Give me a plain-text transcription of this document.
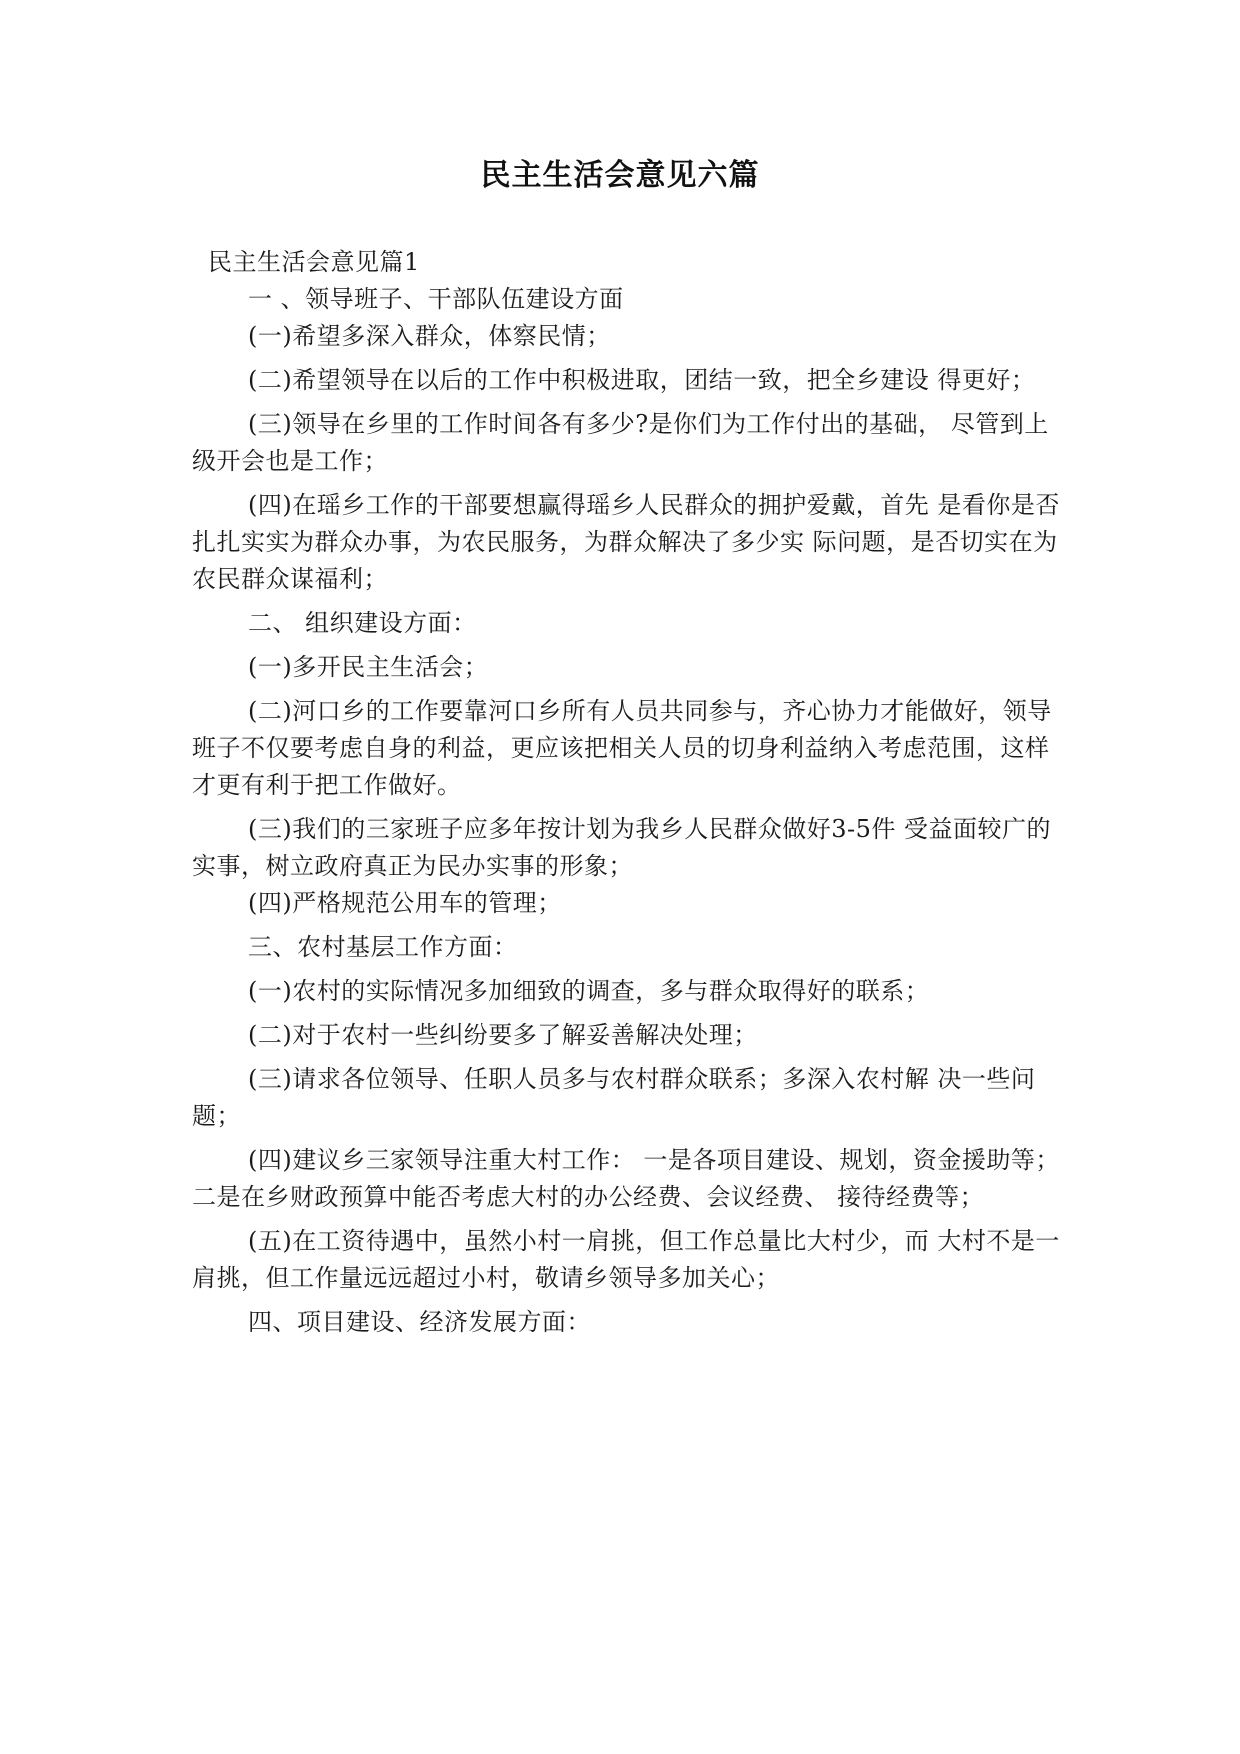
民主生活会意见六篇

民主生活会意见篇1

一 、领导班子、干部队伍建设方面

(一)希望多深入群众，体察民情；

(二)希望领导在以后的工作中积极进取，团结一致，把全乡建设 得更好；

(三)领导在乡里的工作时间各有多少?是你们为工作付出的基础， 尽管到上级开会也是工作；

(四)在瑶乡工作的干部要想赢得瑶乡人民群众的拥护爱戴，首先 是看你是否扎扎实实为群众办事，为农民服务，为群众解决了多少实 际问题，是否切实在为农民群众谋福利；

二、 组织建设方面：

(一)多开民主生活会；

(二)河口乡的工作要靠河口乡所有人员共同参与，齐心协力才能做好，领导班子不仅要考虑自身的利益，更应该把相关人员的切身利益纳入考虑范围，这样才更有利于把工作做好。

(三)我们的三家班子应多年按计划为我乡人民群众做好3-5件 受益面较广的实事，树立政府真正为民办实事的形象；

(四)严格规范公用车的管理；

三、农村基层工作方面：

(一)农村的实际情况多加细致的调查，多与群众取得好的联系；

(二)对于农村一些纠纷要多了解妥善解决处理；

(三)请求各位领导、任职人员多与农村群众联系；多深入农村解 决一些问题；

(四)建议乡三家领导注重大村工作： 一是各项目建设、规划，资金援助等；二是在乡财政预算中能否考虑大村的办公经费、会议经费、 接待经费等；

(五)在工资待遇中，虽然小村一肩挑，但工作总量比大村少，而 大村不是一肩挑，但工作量远远超过小村，敬请乡领导多加关心；

四、项目建设、经济发展方面：
